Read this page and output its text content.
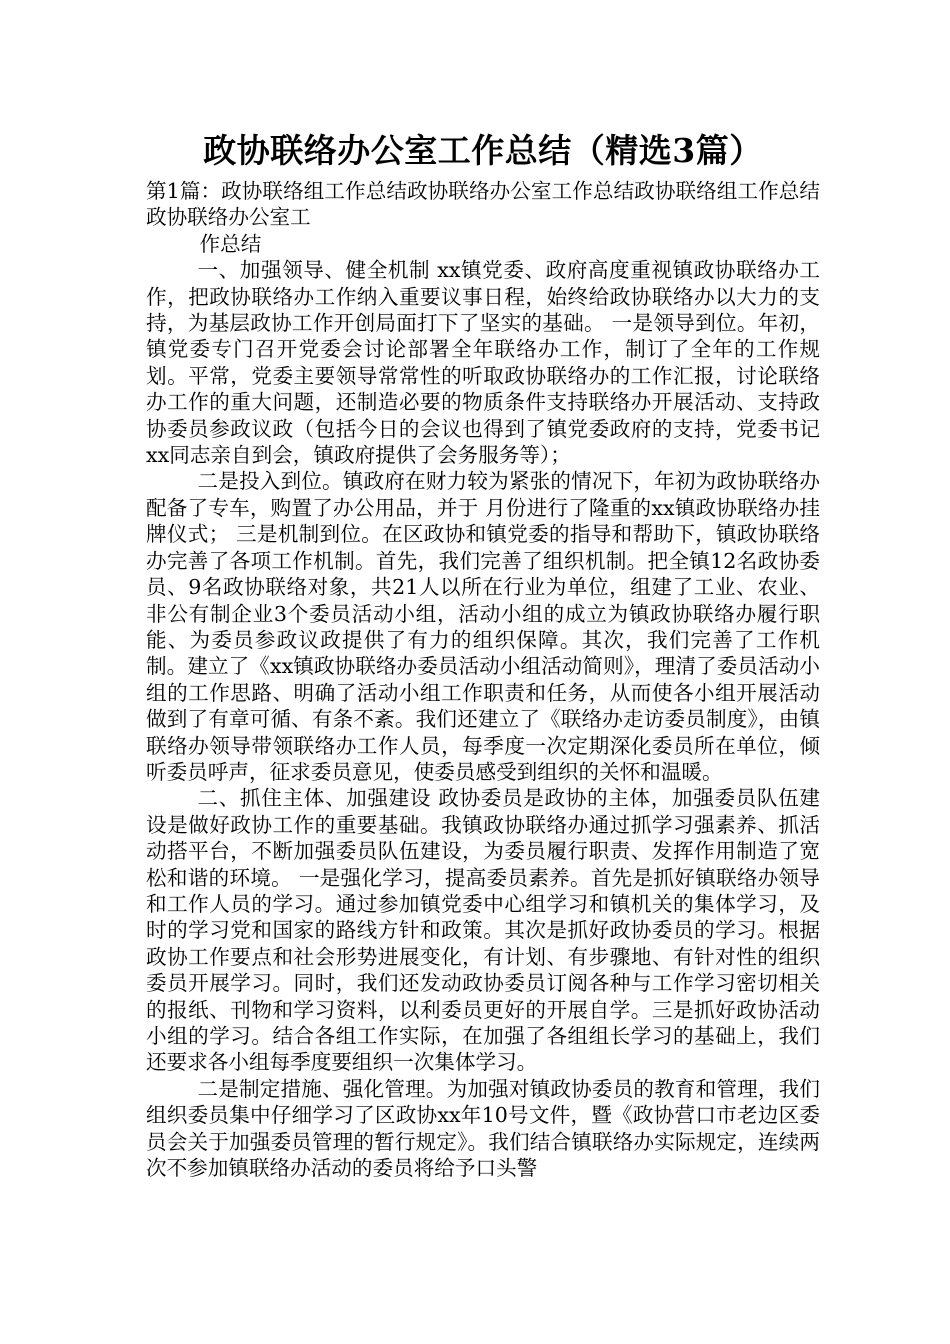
政协联络办公室工作总结（精选3篇）

第1篇：政协联络组工作总结政协联络办公室工作总结政协联络组工作总结政协联络办公室工

作总结

一、加强领导、健全机制 xx镇党委、政府高度重视镇政协联络办工作，把政协联络办工作纳入重要议事日程，始终给政协联络办以大力的支持，为基层政协工作开创局面打下了坚实的基础。 一是领导到位。年初，镇党委专门召开党委会讨论部署全年联络办工作，制订了全年的工作规划。平常，党委主要领导常常性的听取政协联络办的工作汇报，讨论联络办工作的重大问题，还制造必要的物质条件支持联络办开展活动、支持政协委员参政议政（包括今日的会议也得到了镇党委政府的支持，党委书记xx同志亲自到会，镇政府提供了会务服务等）；

二是投入到位。镇政府在财力较为紧张的情况下，年初为政协联络办配备了专车，购置了办公用品，并于 月份进行了隆重的xx镇政协联络办挂牌仪式； 三是机制到位。在区政协和镇党委的指导和帮助下，镇政协联络办完善了各项工作机制。首先，我们完善了组织机制。把全镇12名政协委员、9名政协联络对象，共21人以所在行业为单位，组建了工业、农业、非公有制企业3个委员活动小组，活动小组的成立为镇政协联络办履行职能、为委员参政议政提供了有力的组织保障。其次，我们完善了工作机制。建立了《xx镇政协联络办委员活动小组活动简则》，理清了委员活动小组的工作思路、明确了活动小组工作职责和任务，从而使各小组开展活动做到了有章可循、有条不紊。我们还建立了《联络办走访委员制度》，由镇联络办领导带领联络办工作人员，每季度一次定期深化委员所在单位，倾听委员呼声，征求委员意见，使委员感受到组织的关怀和温暖。

二、抓住主体、加强建设 政协委员是政协的主体，加强委员队伍建设是做好政协工作的重要基础。我镇政协联络办通过抓学习强素养、抓活动搭平台，不断加强委员队伍建设，为委员履行职责、发挥作用制造了宽松和谐的环境。 一是强化学习，提高委员素养。首先是抓好镇联络办领导和工作人员的学习。通过参加镇党委中心组学习和镇机关的集体学习，及时的学习党和国家的路线方针和政策。其次是抓好政协委员的学习。根据政协工作要点和社会形势进展变化，有计划、有步骤地、有针对性的组织委员开展学习。同时，我们还发动政协委员订阅各种与工作学习密切相关的报纸、刊物和学习资料，以利委员更好的开展自学。三是抓好政协活动小组的学习。结合各组工作实际，在加强了各组组长学习的基础上，我们还要求各小组每季度要组织一次集体学习。

二是制定措施、强化管理。为加强对镇政协委员的教育和管理，我们组织委员集中仔细学习了区政协xx年10号文件，暨《政协营口市老边区委员会关于加强委员管理的暂行规定》。我们结合镇联络办实际规定，连续两次不参加镇联络办活动的委员将给予口头警
